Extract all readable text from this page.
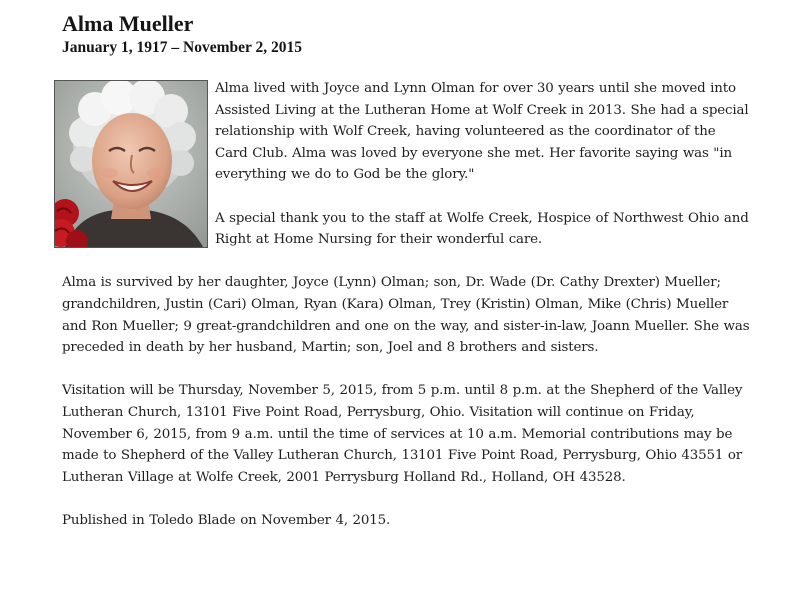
Alma Mueller
January 1, 1917 – November 2, 2015

Alma lived with Joyce and Lynn Olman for over 30 years until she moved into Assisted Living at the Lutheran Home at Wolf Creek in 2013. She had a special relationship with Wolf Creek, having volunteered as the coordinator of the Card Club. Alma was loved by everyone she met. Her favorite saying was "in everything we do to God be the glory."

A special thank you to the staff at Wolfe Creek, Hospice of Northwest Ohio and Right at Home Nursing for their wonderful care.

Alma is survived by her daughter, Joyce (Lynn) Olman; son, Dr. Wade (Dr. Cathy Drexter) Mueller; grandchildren, Justin (Cari) Olman, Ryan (Kara) Olman, Trey (Kristin) Olman, Mike (Chris) Mueller and Ron Mueller; 9 great-grandchildren and one on the way, and sister-in-law, Joann Mueller. She was preceded in death by her husband, Martin; son, Joel and 8 brothers and sisters.

Visitation will be Thursday, November 5, 2015, from 5 p.m. until 8 p.m. at the Shepherd of the Valley Lutheran Church, 13101 Five Point Road, Perrysburg, Ohio. Visitation will continue on Friday, November 6, 2015, from 9 a.m. until the time of services at 10 a.m. Memorial contributions may be made to Shepherd of the Valley Lutheran Church, 13101 Five Point Road, Perrysburg, Ohio 43551 or Lutheran Village at Wolfe Creek, 2001 Perrysburg Holland Rd., Holland, OH 43528.

Published in Toledo Blade on November 4, 2015.
